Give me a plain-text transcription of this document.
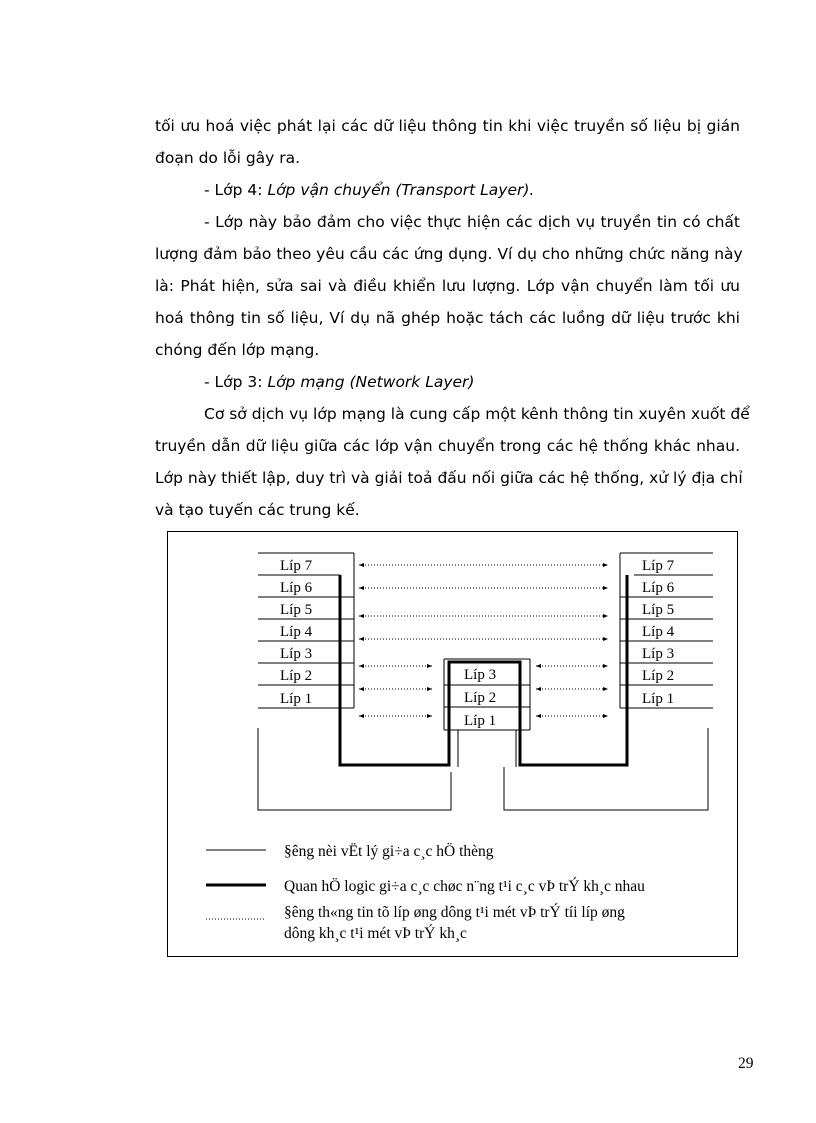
tối ưu hoá việc phát lại các dữ liệu thông tin khi việc truyền số liệu bị gián
đoạn do lỗi gây ra.
- Lớp 4: Lớp vận chuyển (Transport Layer).
- Lớp này bảo đảm cho việc thực hiện các dịch vụ truyền tin có chất
lượng đảm bảo theo yêu cầu các ứng dụng. Ví dụ cho những chức năng này
là: Phát hiện, sửa sai và điều khiển lưu lượng. Lớp vận chuyển làm tối ưu
hoá thông tin số liệu, Ví dụ nã ghép hoặc tách các luồng dữ liệu trước khi
chóng đến lớp mạng.
- Lớp 3: Lớp mạng (Network Layer)
Cơ sở dịch vụ lớp mạng là cung cấp một kênh thông tin xuyên xuốt để
truyền dẫn dữ liệu giữa các lớp vận chuyển trong các hệ thống khác nhau.
Lớp này thiết lập, duy trì và giải toả đấu nối giữa các hệ thống, xử lý địa chỉ
và tạo tuyến các trung kế.
Líp 7
Líp 6
Líp 5
Líp 4
Líp 3
Líp 2
Líp 1
Líp 7
Líp 6
Líp 5
Líp 4
Líp 3
Líp 2
Líp 1
Líp 3
Líp 2
Líp 1
§êng nèi vËt lý gi÷a c¸c hÖ thèng
Quan hÖ logic gi÷a c¸c chøc n¨ng t¹i c¸c vÞ trÝ kh¸c nhau
§êng th«ng tin tõ líp øng dông t¹i mét vÞ trÝ tíi líp øng
dông kh¸c t¹i mét vÞ trÝ kh¸c
29
